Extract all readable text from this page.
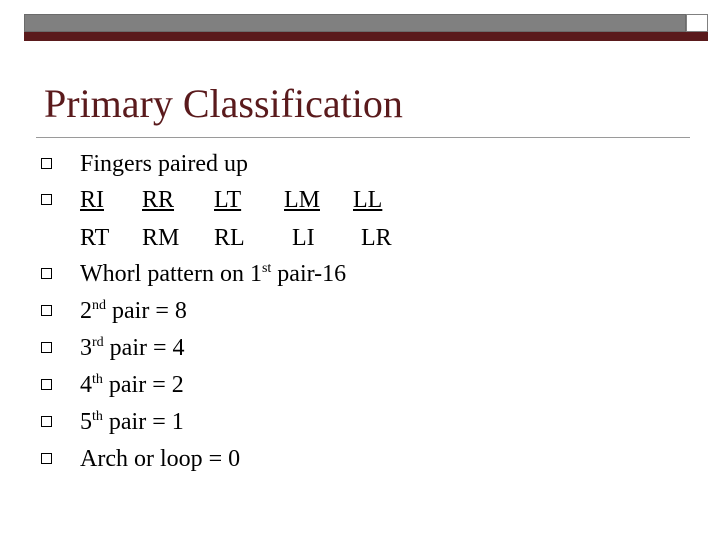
Primary Classification
Fingers paired up
RI RR LT LM LL
RT RM RL LI LR
Whorl pattern on 1st pair-16
2nd pair = 8
3rd pair = 4
4th pair = 2
5th pair = 1
Arch or loop = 0
